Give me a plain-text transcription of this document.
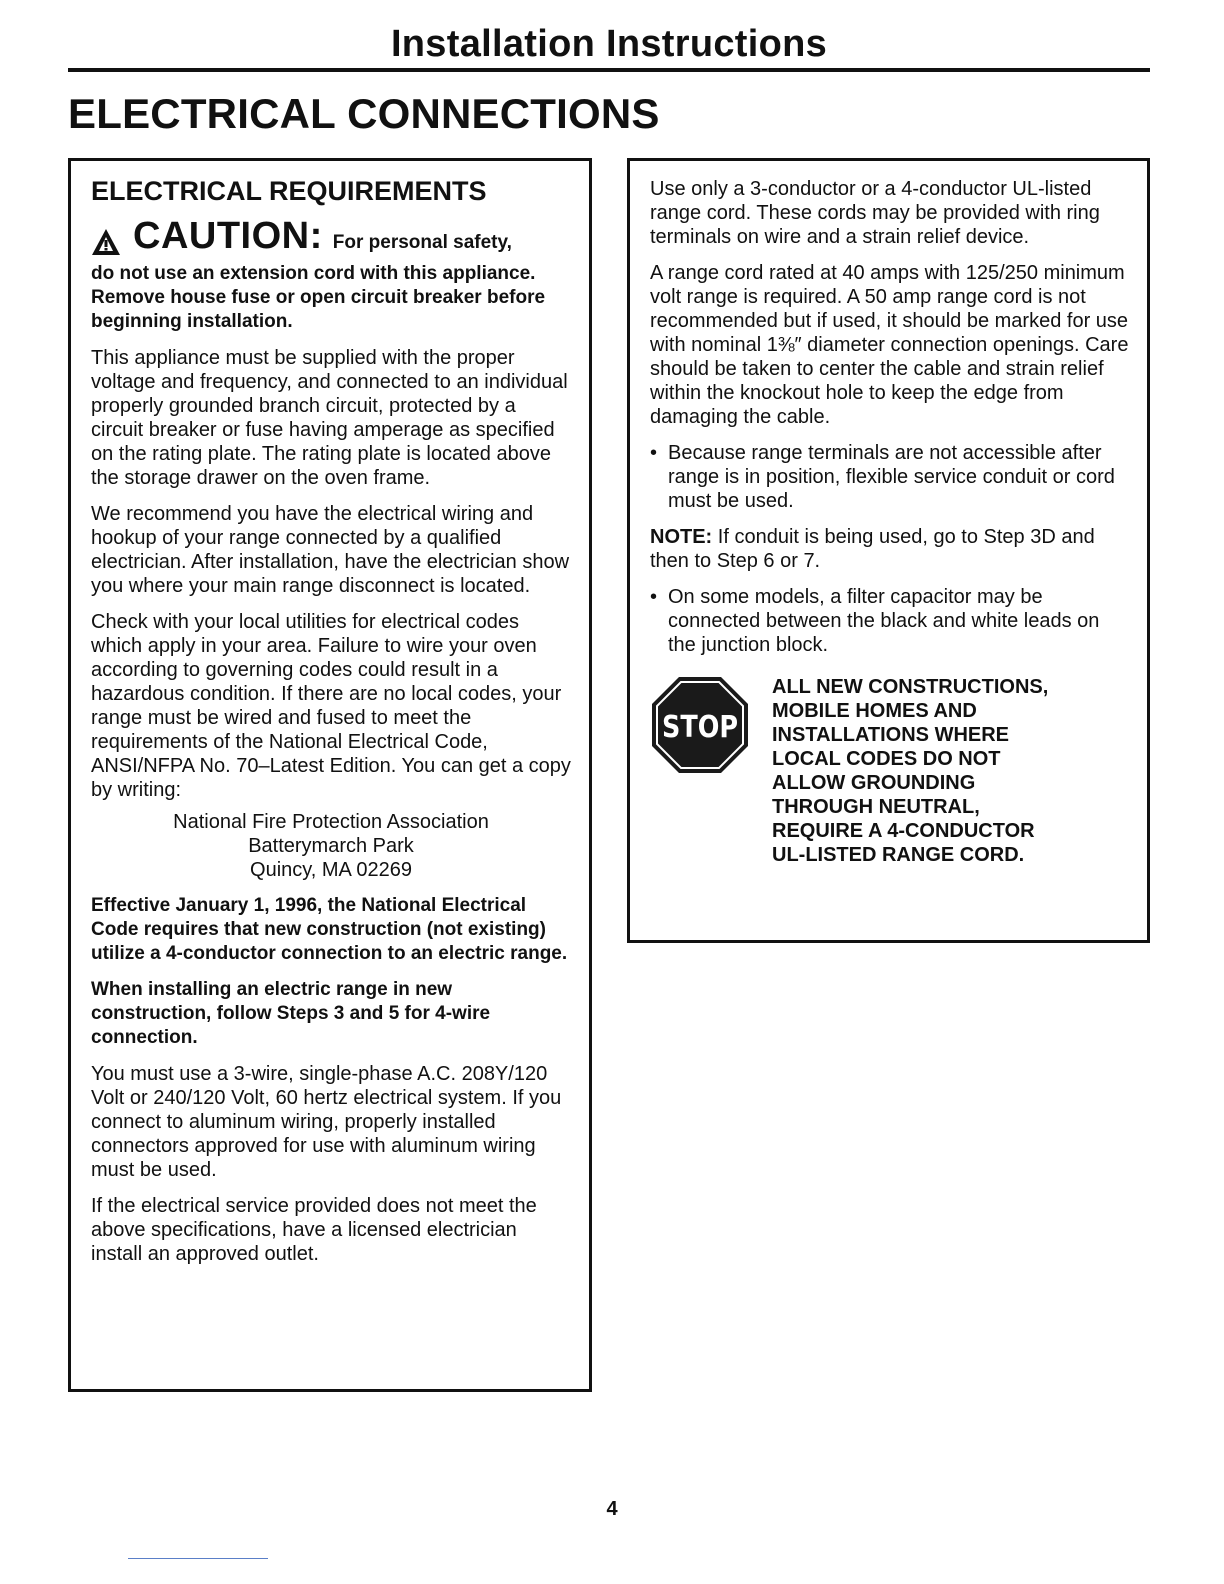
Installation Instructions
ELECTRICAL CONNECTIONS
ELECTRICAL REQUIREMENTS
CAUTION: For personal safety,
do not use an extension cord with this appliance. Remove house fuse or open circuit breaker before beginning installation.

This appliance must be supplied with the proper voltage and frequency, and connected to an individual properly grounded branch circuit, protected by a circuit breaker or fuse having amperage as specified on the rating plate. The rating plate is located above the storage drawer on the oven frame.

We recommend you have the electrical wiring and hookup of your range connected by a qualified electrician. After installation, have the electrician show you where your main range disconnect is located.

Check with your local utilities for electrical codes which apply in your area. Failure to wire your oven according to governing codes could result in a hazardous condition. If there are no local codes, your range must be wired and fused to meet the requirements of the National Electrical Code, ANSI/NFPA No. 70–Latest Edition. You can get a copy by writing:

National Fire Protection Association
Batterymarch Park
Quincy, MA 02269

Effective January 1, 1996, the National Electrical Code requires that new construction (not existing) utilize a 4-conductor connection to an electric range.

When installing an electric range in new construction, follow Steps 3 and 5 for 4-wire connection.

You must use a 3-wire, single-phase A.C. 208Y/120 Volt or 240/120 Volt, 60 hertz electrical system. If you connect to aluminum wiring, properly installed connectors approved for use with aluminum wiring must be used.

If the electrical service provided does not meet the above specifications, have a licensed electrician install an approved outlet.

Use only a 3-conductor or a 4-conductor UL-listed range cord. These cords may be provided with ring terminals on wire and a strain relief device.

A range cord rated at 40 amps with 125/250 minimum volt range is required. A 50 amp range cord is not recommended but if used, it should be marked for use with nominal 1⅜″ diameter connection openings. Care should be taken to center the cable and strain relief within the knockout hole to keep the edge from damaging the cable.

• Because range terminals are not accessible after range is in position, flexible service conduit or cord must be used.

NOTE: If conduit is being used, go to Step 3D and then to Step 6 or 7.

• On some models, a filter capacitor may be connected between the black and white leads on the junction block.
STOP
ALL NEW CONSTRUCTIONS,
MOBILE HOMES AND
INSTALLATIONS WHERE
LOCAL CODES DO NOT
ALLOW GROUNDING
THROUGH NEUTRAL,
REQUIRE A 4-CONDUCTOR
UL-LISTED RANGE CORD.
4
